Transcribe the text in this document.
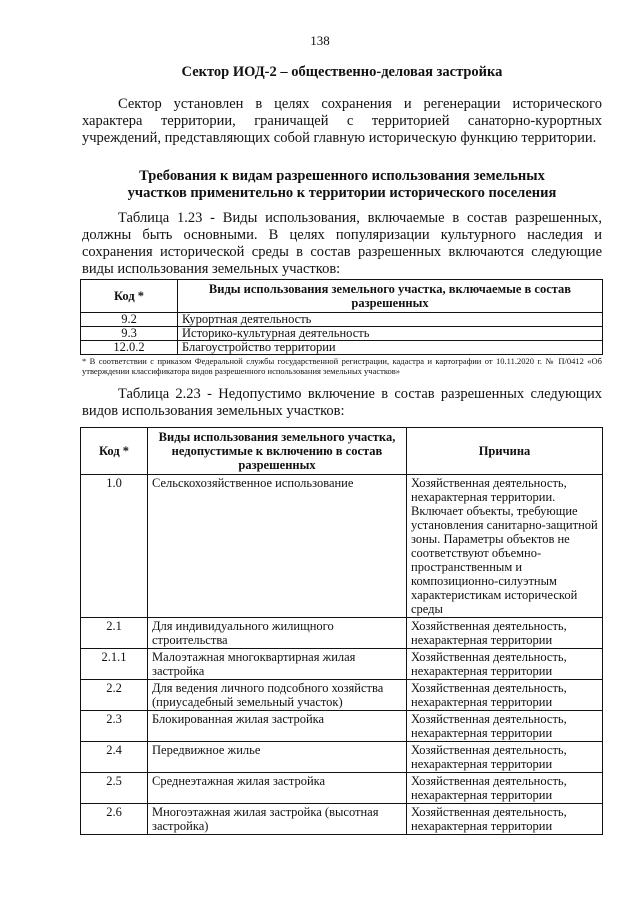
138
Сектор ИОД-2 – общественно-деловая застройка
Сектор установлен в целях сохранения и регенерации исторического характера территории, граничащей с территорией санаторно-курортных учреждений, представляющих собой главную историческую функцию территории.
Требования к видам разрешенного использования земельных
участков применительно к территории исторического поселения
Таблица 1.23 - Виды использования, включаемые в состав разрешенных, должны быть основными. В целях популяризации культурного наследия и сохранения исторической среды в состав разрешенных включаются следующие виды использования земельных участков:
Код *	Виды использования земельного участка, включаемые в состав разрешенных
9.2	Курортная деятельность
9.3	Историко-культурная деятельность
12.0.2	Благоустройство территории
* В соответствии с приказом Федеральной службы государственной регистрации, кадастра и картографии от 10.11.2020 г. № П/0412 «Об утверждении классификатора видов разрешенного использования земельных участков»
Таблица 2.23 - Недопустимо включение в состав разрешенных следующих видов использования земельных участков:
Код *	Виды использования земельного участка, недопустимые к включению в состав разрешенных	Причина
1.0	Сельскохозяйственное использование	Хозяйственная деятельность, нехарактерная территории. Включает объекты, требующие установления санитарно-защитной зоны. Параметры объектов не соответствуют объемно-пространственным и композиционно-силуэтным характеристикам исторической среды
2.1	Для индивидуального жилищного строительства	Хозяйственная деятельность, нехарактерная территории
2.1.1	Малоэтажная многоквартирная жилая застройка	Хозяйственная деятельность, нехарактерная территории
2.2	Для ведения личного подсобного хозяйства (приусадебный земельный участок)	Хозяйственная деятельность, нехарактерная территории
2.3	Блокированная жилая застройка	Хозяйственная деятельность, нехарактерная территории
2.4	Передвижное жилье	Хозяйственная деятельность, нехарактерная территории
2.5	Среднеэтажная жилая застройка	Хозяйственная деятельность, нехарактерная территории
2.6	Многоэтажная жилая застройка (высотная застройка)	Хозяйственная деятельность, нехарактерная территории
